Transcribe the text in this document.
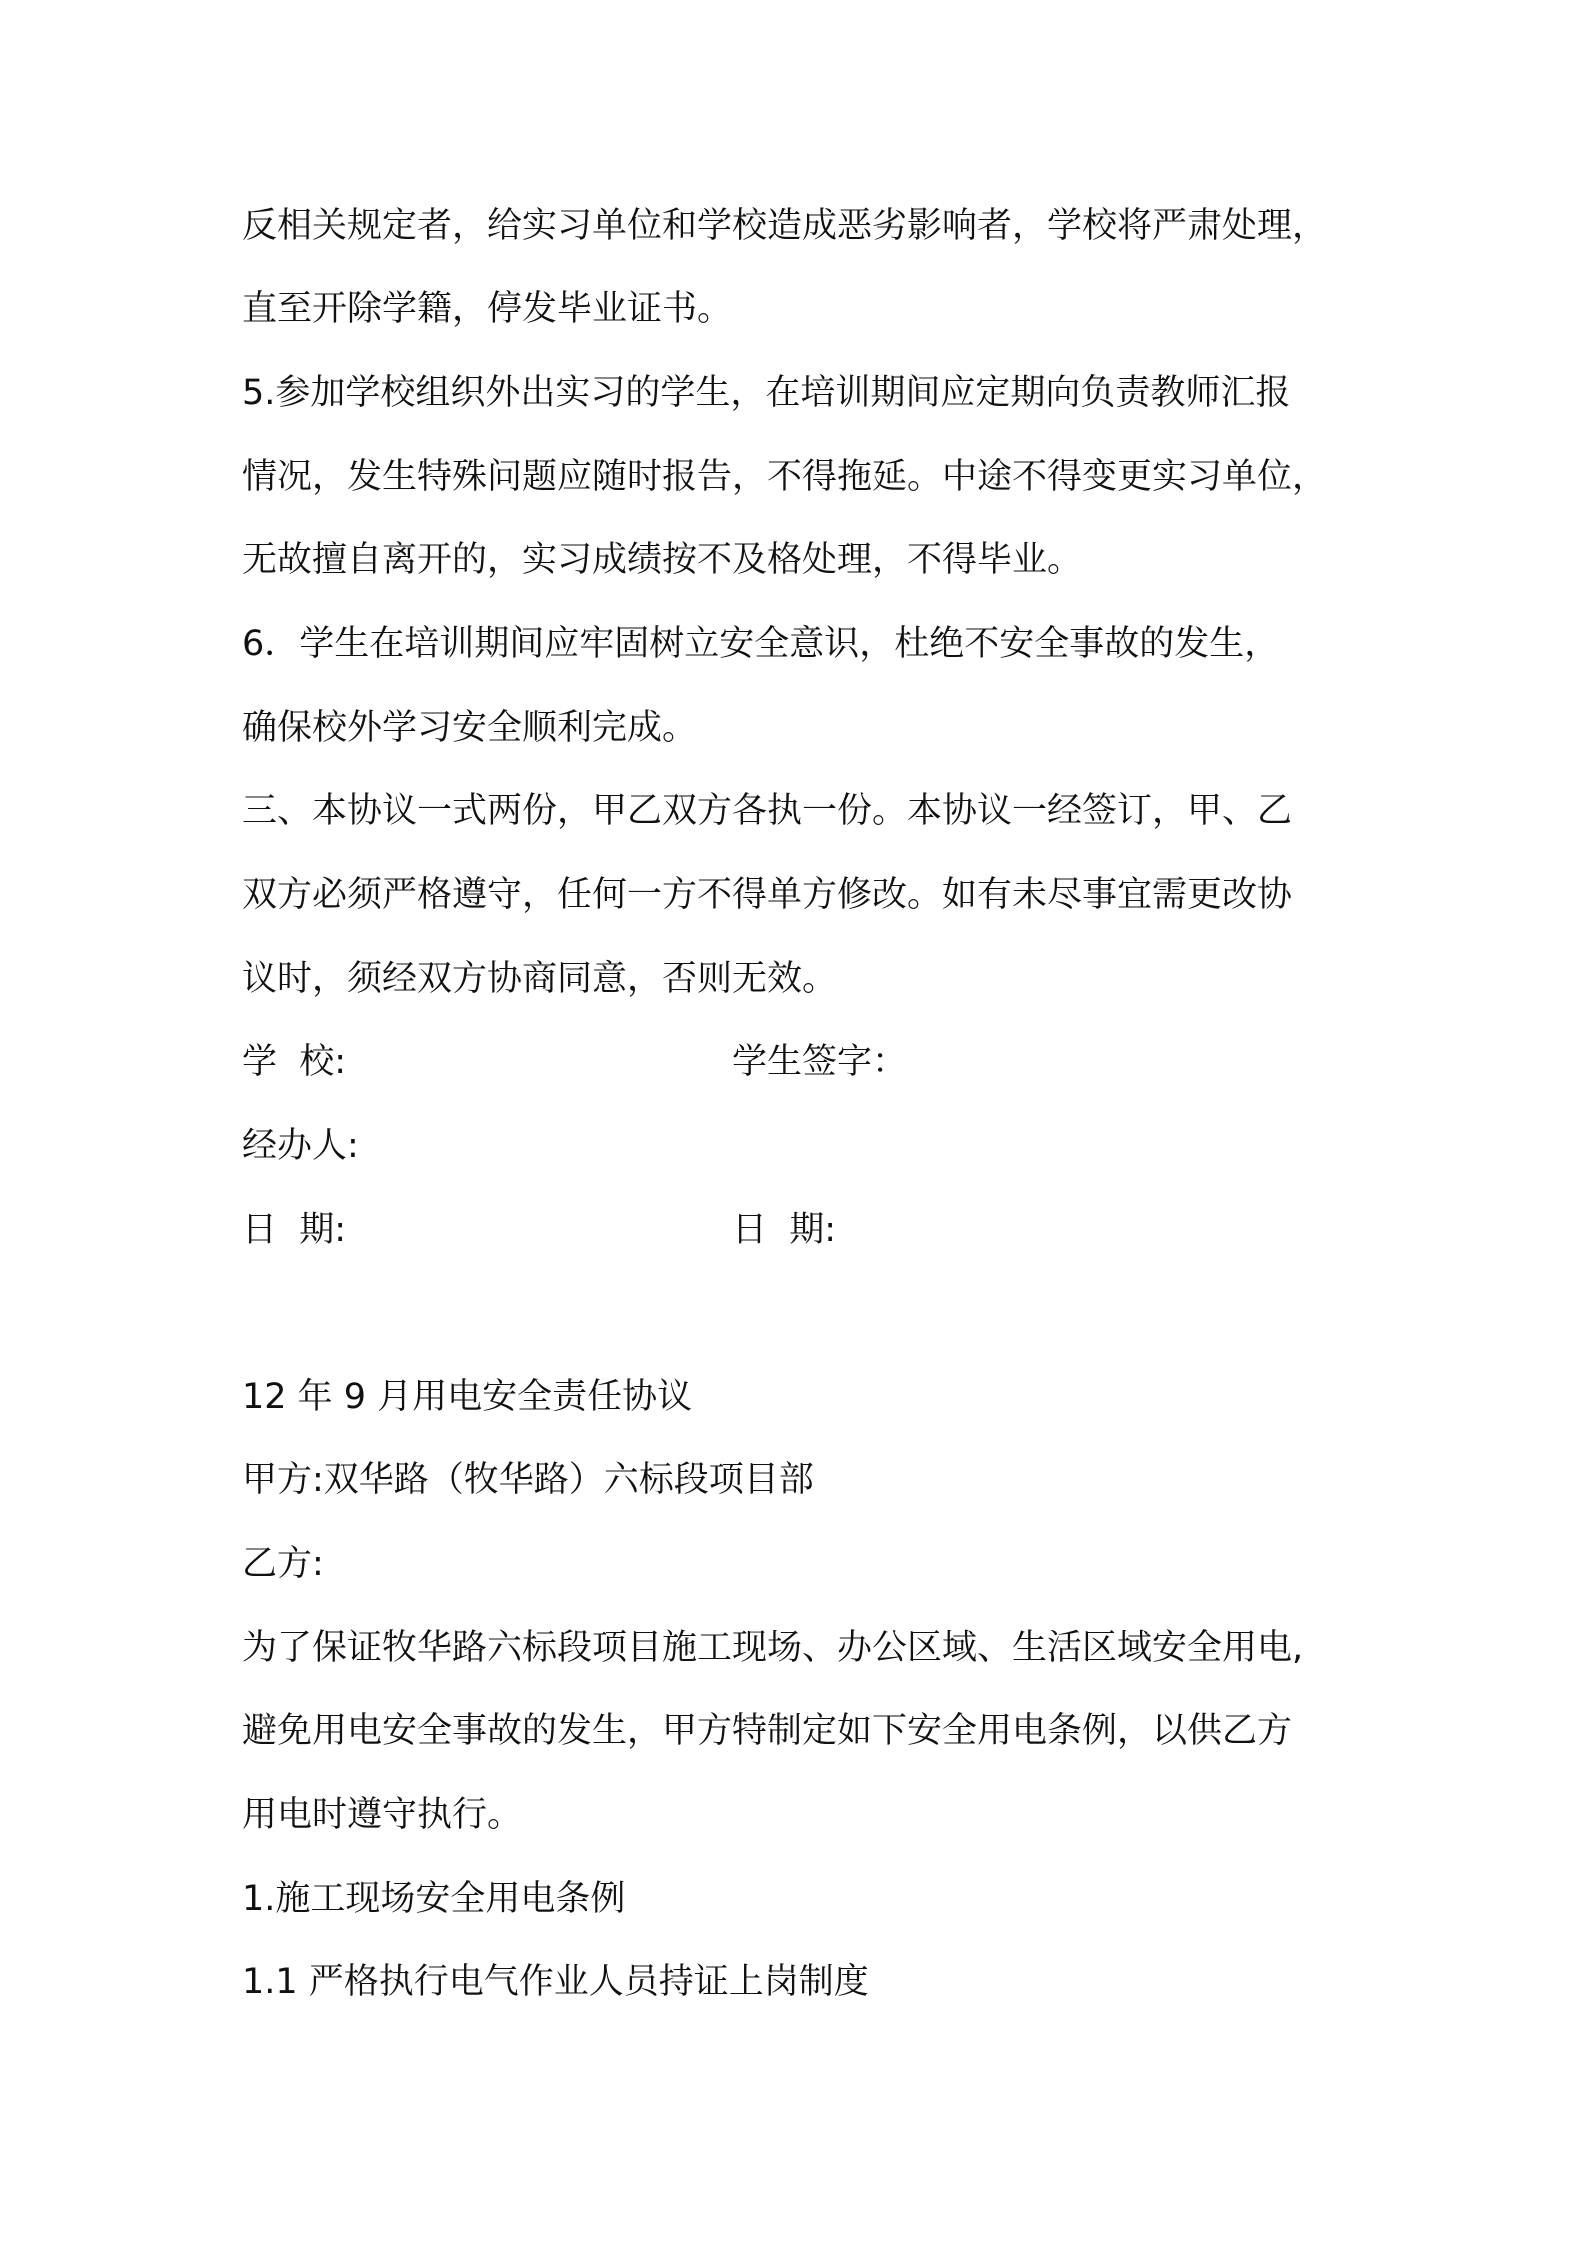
反相关规定者，给实习单位和学校造成恶劣影响者，学校将严肃处理，
直至开除学籍，停发毕业证书。
5.参加学校组织外出实习的学生，在培训期间应定期向负责教师汇报
情况，发生特殊问题应随时报告，不得拖延。中途不得变更实习单位，
无故擅自离开的，实习成绩按不及格处理，不得毕业。
6．学生在培训期间应牢固树立安全意识，杜绝不安全事故的发生，
确保校外学习安全顺利完成。
三、本协议一式两份，甲乙双方各执一份。本协议一经签订，甲、乙
双方必须严格遵守，任何一方不得单方修改。如有未尽事宜需更改协
议时，须经双方协商同意，否则无效。
学  校:	学生签字：
经办人:
日  期:	日  期:
12 年 9 月用电安全责任协议
甲方:双华路（牧华路）六标段项目部
乙方:
为了保证牧华路六标段项目施工现场、办公区域、生活区域安全用电,
避免用电安全事故的发生，甲方特制定如下安全用电条例，以供乙方
用电时遵守执行。
1.施工现场安全用电条例
1.1 严格执行电气作业人员持证上岗制度
